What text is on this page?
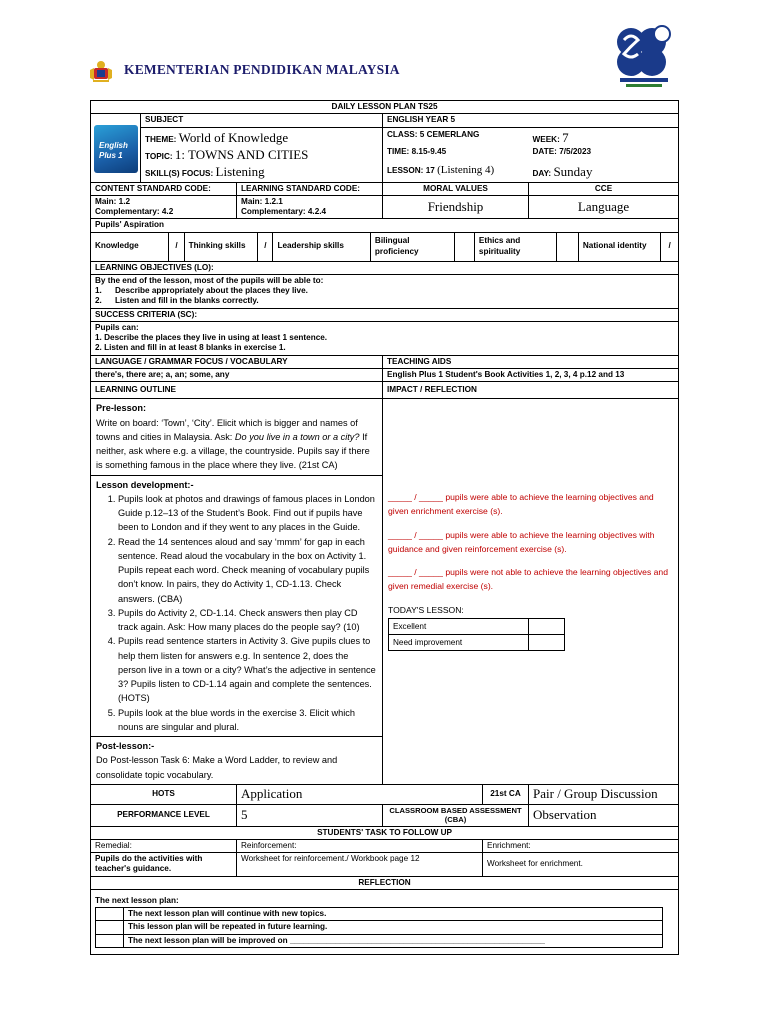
KEMENTERIAN PENDIDIKAN MALAYSIA
DAILY LESSON PLAN TS25

English Plus 1
	SUBJECT	ENGLISH YEAR 5

THEME: World of Knowledge
TOPIC: 1: TOWNS AND CITIES
SKILL(S) FOCUS: Listening

CLASS: 5 CEMERLANG
TIME: 8.15-9.45
LESSON: 17 (Listening 4)

WEEK: 7
DATE: 7/5/2023
DAY: Sunday

CONTENT STANDARD CODE:	LEARNING STANDARD CODE:	MORAL VALUES	CCE

Main: 1.2
Complementary: 4.2

Main: 1.2.1
Complementary: 4.2.4	Friendship	Language
Pupils' Aspiration

Knowledge	/	Thinking skills	/	Leadership skills		Bilingual proficiency		Ethics and spirituality		National identity	/

LEARNING OBJECTIVES (LO):

By the end of the lesson, most of the pupils will be able to:
1. Describe appropriately about the places they live.
2. Listen and fill in the blanks correctly.

SUCCESS CRITERIA (SC):

Pupils can:
1. Describe the places they live in using at least 1 sentence.
2. Listen and fill in at least 8 blanks in exercise 1.

LANGUAGE / GRAMMAR FOCUS / VOCABULARY	TEACHING AIDS
there's, there are; a, an; some, any	English Plus 1 Student's Book Activities 1, 2, 3, 4 p.12 and 13
LEARNING OUTLINE	IMPACT / REFLECTION

Pre-lesson:

Write on board: ‘Town’, ‘City’. Elicit which is bigger and names of towns and cities in Malaysia. Ask: Do you live in a town or a city? If neither, ask where e.g. a village, the countryside. Pupils say if there is something famous in the place where they live. (21st CA)

Lesson development:-

1. Pupils look at photos and drawings of famous places in London Guide p.12–13 of the Student’s Book. Find out if pupils have been to London and if they went to any places in the Guide.
2. Read the 14 sentences aloud and say ‘mmm’ for gap in each sentence. Read aloud the vocabulary in the box on Activity 1. Pupils repeat each word. Check meaning of vocabulary pupils don’t know. In pairs, they do Activity 1, CD-1.13. Check answers. (CBA)
3. Pupils do Activity 2, CD-1.14. Check answers then play CD track again. Ask: How many places do the people say? (10)
4. Pupils read sentence starters in Activity 3. Give pupils clues to help them listen for answers e.g. In sentence 2, does the person live in a town or a city? What’s the adjective in sentence 3? Pupils listen to CD-1.14 again and complete the sentences. (HOTS)
5. Pupils look at the blue words in the exercise 3. Elicit which nouns are singular and plural.

Post-lesson:-

Do Post-lesson Task 6: Make a Word Ladder, to review and consolidate topic vocabulary.

_____ / _____ pupils were able to achieve the learning objectives and given enrichment exercise (s).

_____ / _____ pupils were able to achieve the learning objectives with guidance and given reinforcement exercise (s).

_____ / _____ pupils were not able to achieve the learning objectives and given remedial exercise (s).

TODAY'S LESSON:
Excellent	
Need improvement	

HOTS	Application	21st CA	Pair / Group Discussion
PERFORMANCE LEVEL	5	CLASSROOM BASED ASSESSMENT (CBA)	Observation
STUDENTS' TASK TO FOLLOW UP
Remedial:	Reinforcement:	Enrichment:
Pupils do the activities with teacher's guidance.	Worksheet for reinforcement./ Workbook page 12	Worksheet for enrichment.
REFLECTION

The next lesson plan:
	The next lesson plan will continue with new topics.
	This lesson plan will be repeated in future learning.
	The next lesson plan will be improved on ________________________________________________________
